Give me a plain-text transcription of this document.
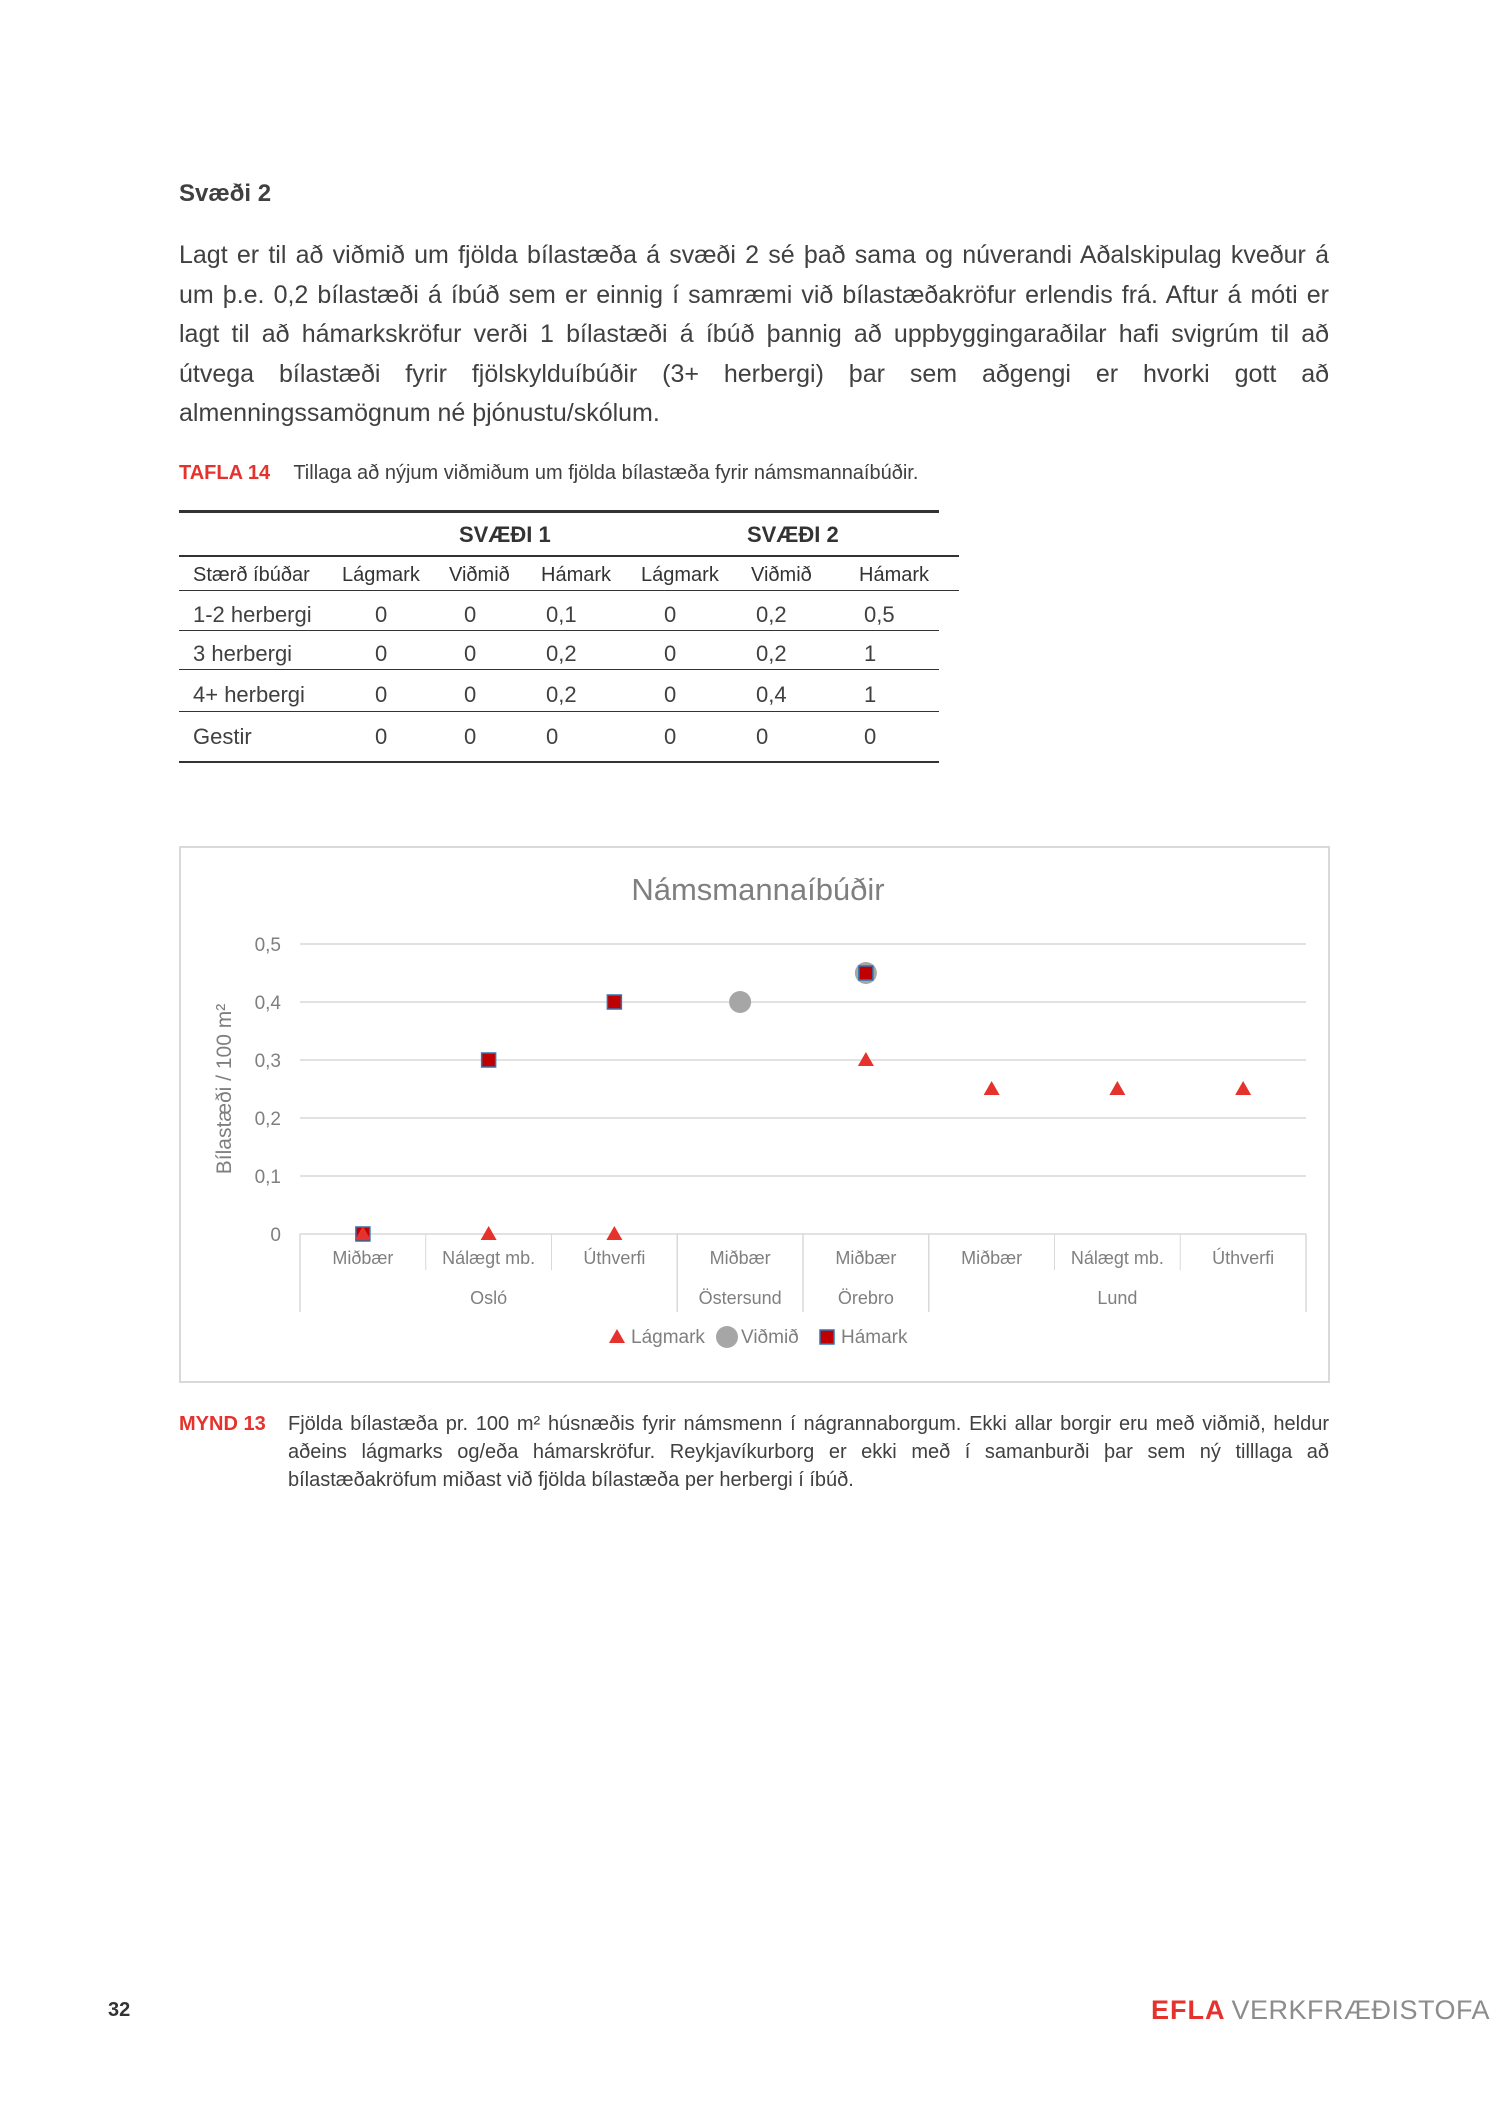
Svæði 2
Lagt er til að viðmið um fjölda bílastæða á svæði 2 sé það sama og núverandi Aðalskipulag kveður á um þ.e. 0,2 bílastæði á íbúð sem er einnig í samræmi við bílastæðakröfur erlendis frá. Aftur á móti er lagt til að hámarkskröfur verði 1 bílastæði á íbúð þannig að uppbyggingaraðilar hafi svigrúm til að útvega bílastæði fyrir fjölskylduíbúðir (3+ herbergi) þar sem aðgengi er hvorki gott að almenningssamögnum né þjónustu/skólum.
TAFLA 14 Tillaga að nýjum viðmiðum um fjölda bílastæða fyrir námsmannaíbúðir.
SVÆÐI 1	SVÆÐI 2
Stærð íbúðar Lágmark Viðmið Hámark Lágmark Viðmið Hámark
1-2 herbergi	0	0	0,1	0	0,2	0,5
3 herbergi	0	0	0,2	0	0,2	1
4+ herbergi	0	0	0,2	0	0,4	1
Gestir	0	0	0	0	0	0
Námsmannaíbúðir
0
0,1
0,2
0,3
0,4
0,5
Bílastæði / 100 m²
Miðbær	Nálægt mb.	Úthverfi	Miðbær	Miðbær	Miðbær	Nálægt mb.	Úthverfi
Osló	Östersund	Örebro	Lund
Lágmark Viðmið Hámark
MYND 13 Fjölda bílastæða pr. 100 m² húsnæðis fyrir námsmenn í nágrannaborgum. Ekki allar borgir eru með viðmið, heldur aðeins lágmarks og/eða hámarskröfur. Reykjavíkurborg er ekki með í samanburði þar sem ný tilllaga að bílastæðakröfum miðast við fjölda bílastæða per herbergi í íbúð.
32	EFLA VERKFRÆÐISTOFA
